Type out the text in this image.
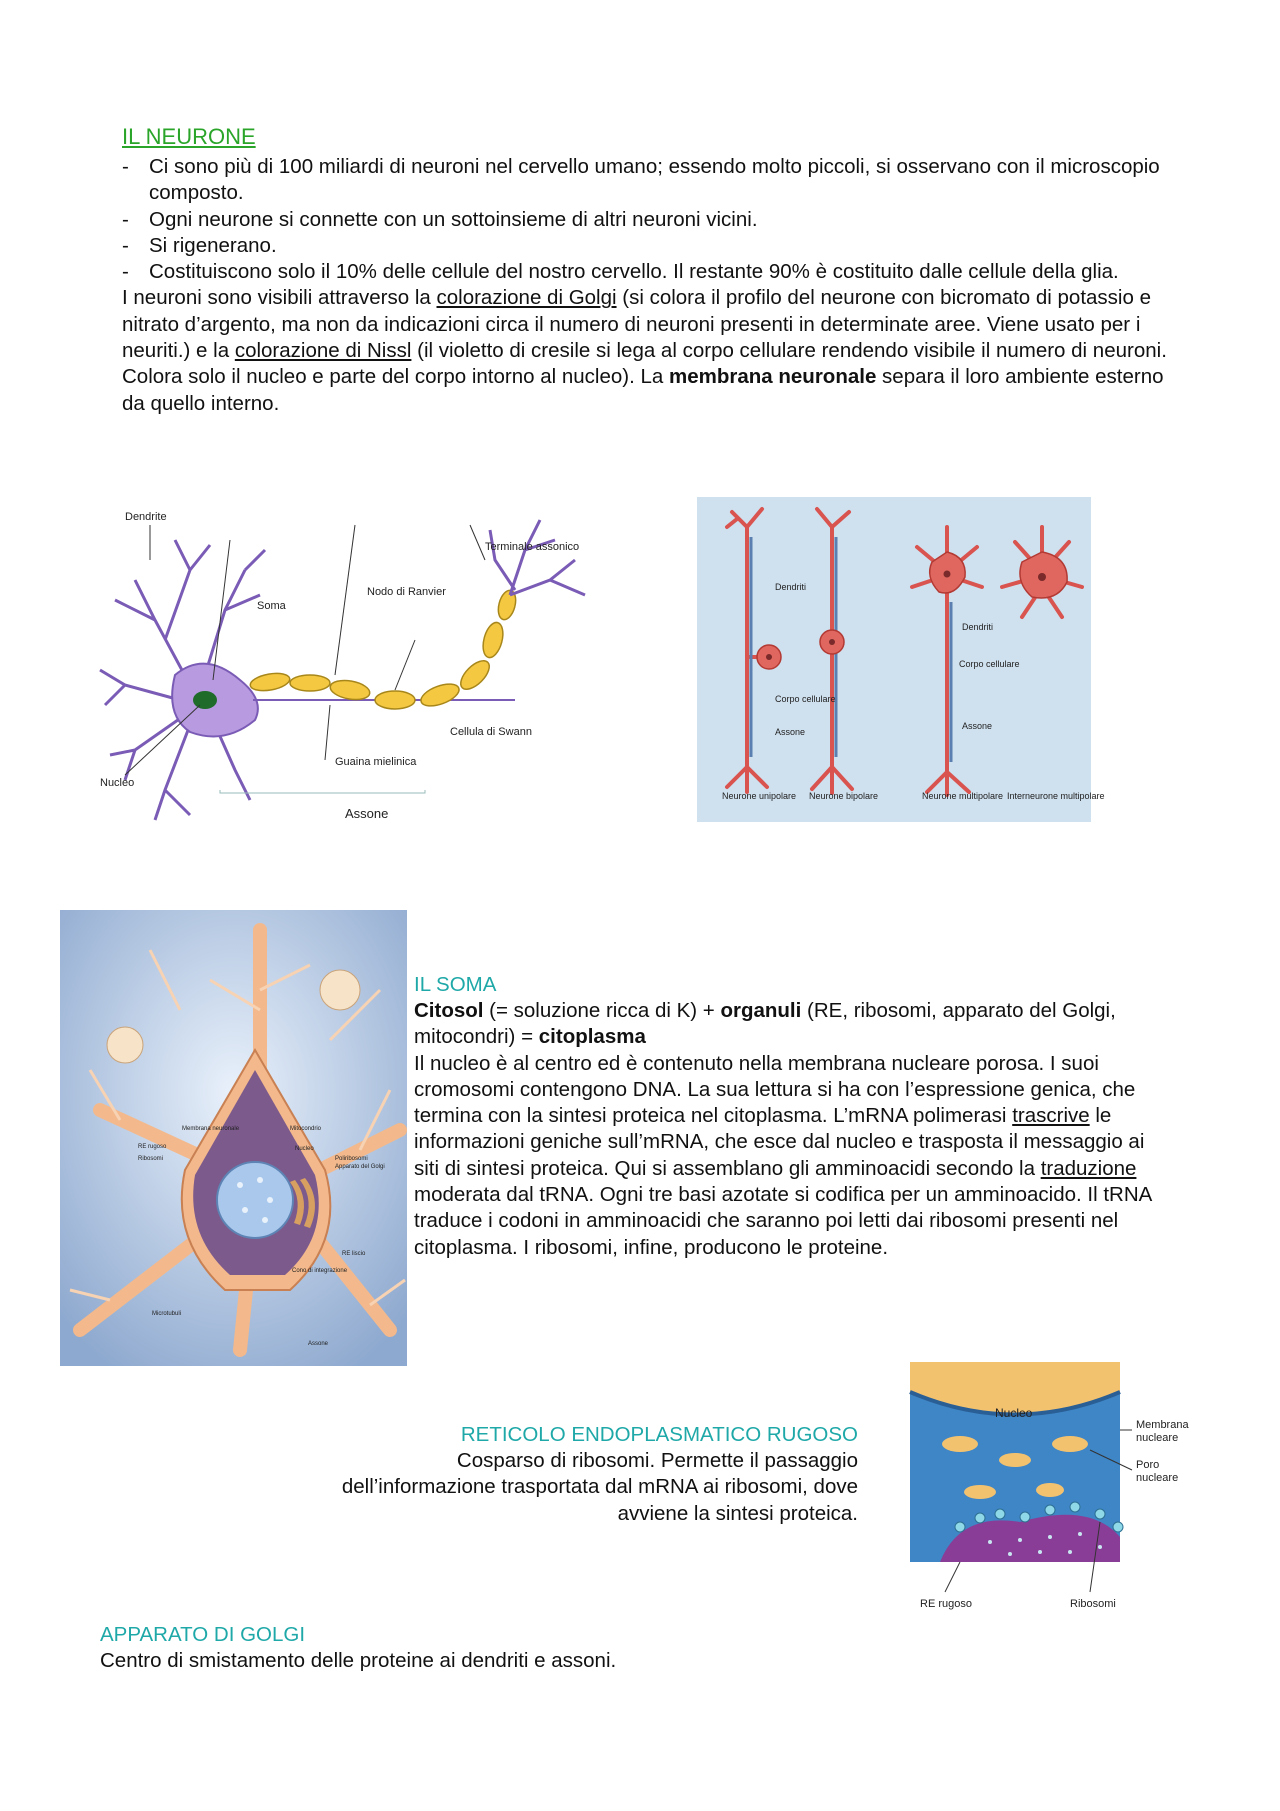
IL NEURONE
- Ci sono più di 100 miliardi di neuroni nel cervello umano; essendo molto piccoli, si osservano con il microscopio composto.
- Ogni neurone si connette con un sottoinsieme di altri neuroni vicini.
- Si rigenerano.
- Costituiscono solo il 10% delle cellule del nostro cervello. Il restante 90% è costituito dalle cellule della glia.
I neuroni sono visibili attraverso la colorazione di Golgi (si colora il profilo del neurone con bicromato di potassio e nitrato d’argento, ma non da indicazioni circa il numero di neuroni presenti in determinate aree. Viene usato per i neuriti.) e la colorazione di Nissl (il violetto di cresile si lega al corpo cellulare rendendo visibile il numero di neuroni. Colora solo il nucleo e parte del corpo intorno al nucleo). La membrana neuronale separa il loro ambiente esterno da quello interno.
Dendrite
Terminale assonico
Soma
Nodo di Ranvier
Cellula di Swann
Guaina mielinica
Nucleo
Assone
Dendriti
Dendriti
Corpo cellulare
Corpo cellulare
Assone
Assone
Neurone unipolare Neurone bipolare	Neurone multipolare Interneurone multipolare
Membrana neuronale	Mitocondrio
Nucleo
RE rugoso
Ribosomi	Poliribosomi
Apparato del Golgi
RE liscio
Cono di integrazione
Microtubuli
Assone
IL SOMA
Citosol (= soluzione ricca di K) + organuli (RE, ribosomi, apparato del Golgi, mitocondri) = citoplasma
Il nucleo è al centro ed è contenuto nella membrana nucleare porosa. I suoi cromosomi contengono DNA. La sua lettura si ha con l’espressione genica, che termina con la sintesi proteica nel citoplasma. L’mRNA polimerasi trascrive le informazioni geniche sull’mRNA, che esce dal nucleo e trasposta il messaggio ai siti di sintesi proteica. Qui si assemblano gli amminoacidi secondo la traduzione moderata dal tRNA. Ogni tre basi azotate si codifica per un amminoacido. Il tRNA traduce i codoni in amminoacidi che saranno poi letti dai ribosomi presenti nel citoplasma. I ribosomi, infine, producono le proteine.
RETICOLO ENDOPLASMATICO RUGOSO
Cosparso di ribosomi. Permette il passaggio
dell’informazione trasportata dal mRNA ai ribosomi, dove
avviene la sintesi proteica.
Nucleo
Membrana
nucleare
Poro
nucleare
RE rugoso	Ribosomi
APPARATO DI GOLGI
Centro di smistamento delle proteine ai dendriti e assoni.
